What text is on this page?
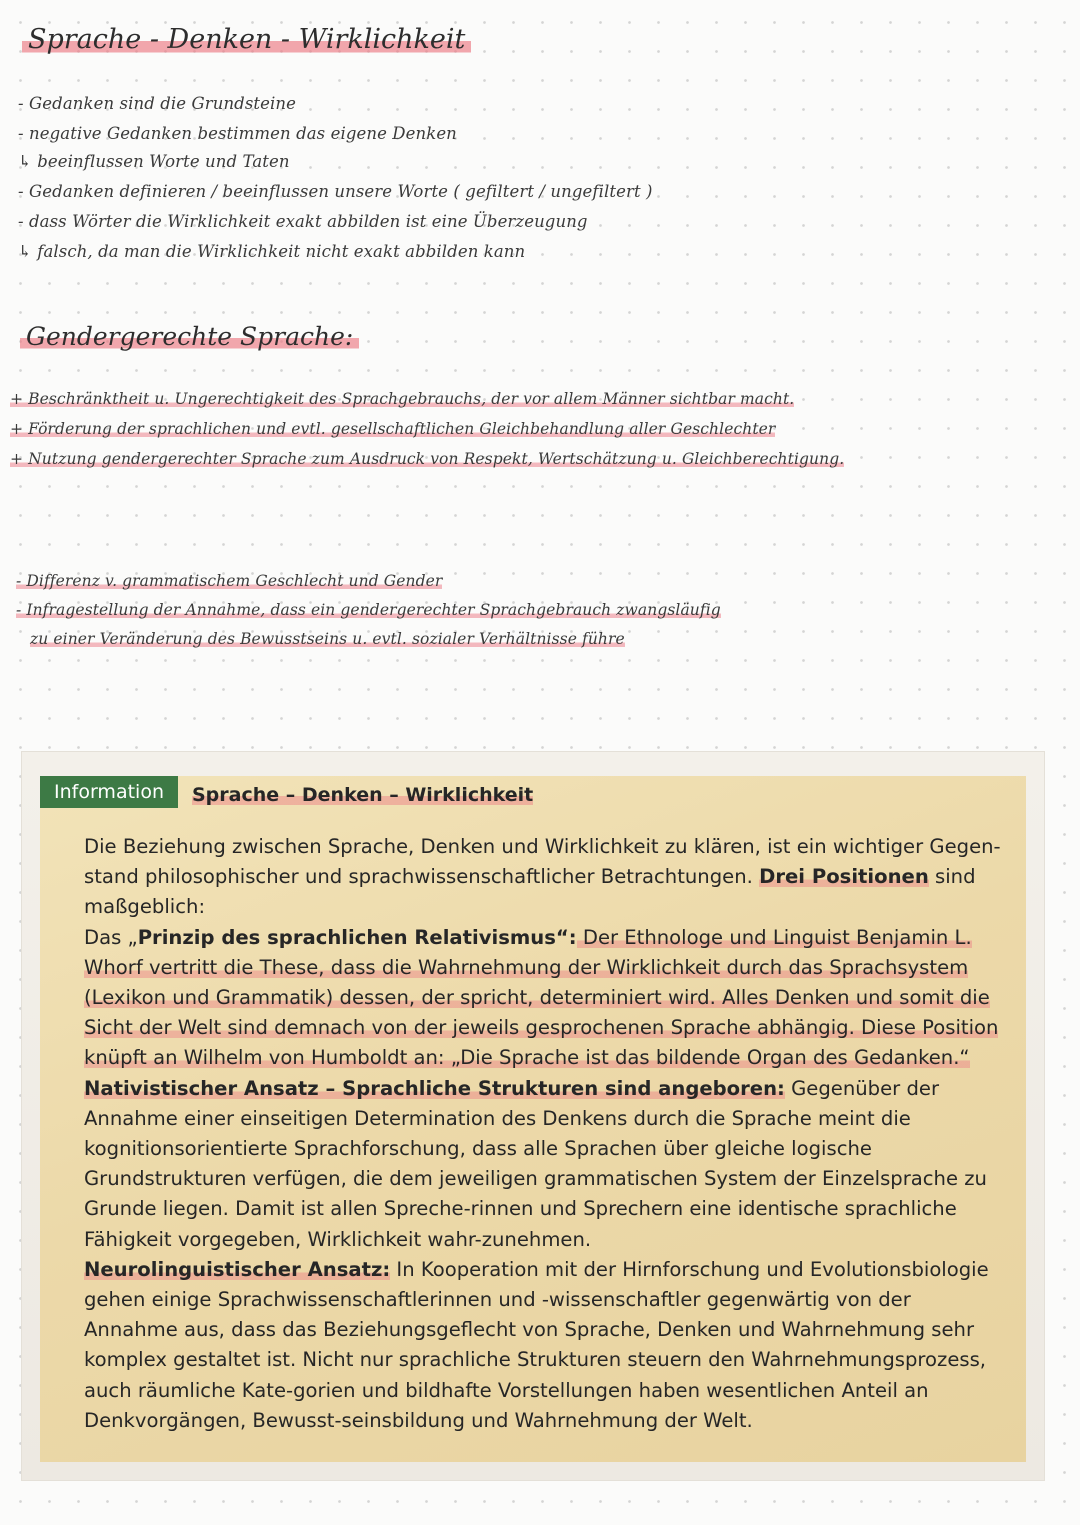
Sprache - Denken - Wirklichkeit
- Gedanken sind die Grundsteine
- negative Gedanken bestimmen das eigene Denken
↳ beeinflussen Worte und Taten
- Gedanken definieren / beeinflussen unsere Worte ( gefiltert / ungefiltert )
- dass Wörter die Wirklichkeit exakt abbilden ist eine Überzeugung
↳ falsch, da man die Wirklichkeit nicht exakt abbilden kann
Gendergerechte Sprache:
+ Beschränktheit u. Ungerechtigkeit des Sprachgebrauchs, der vor allem Männer sichtbar macht.
+ Förderung der sprachlichen und evtl. gesellschaftlichen Gleichbehandlung aller Geschlechter
+ Nutzung gendergerechter Sprache zum Ausdruck von Respekt, Wertschätzung u. Gleichberechtigung.
- Differenz v. grammatischem Geschlecht und Gender
- Infragestellung der Annahme, dass ein gendergerechter Sprachgebrauch zwangsläufig
zu einer Veränderung des Bewusstseins u. evtl. sozialer Verhältnisse führe
Information	Sprache – Denken – Wirklichkeit

Die Beziehung zwischen Sprache, Denken und Wirklichkeit zu klären, ist ein wichtiger Gegen-stand philosophischer und sprachwissenschaftlicher Betrachtungen. Drei Positionen sind maßgeblich:

Das „Prinzip des sprachlichen Relativismus“: Der Ethnologe und Linguist Benjamin L. Whorf vertritt die These, dass die Wahrnehmung der Wirklichkeit durch das Sprachsystem (Lexikon und Grammatik) dessen, der spricht, determiniert wird. Alles Denken und somit die Sicht der Welt sind demnach von der jeweils gesprochenen Sprache abhängig. Diese Position knüpft an Wilhelm von Humboldt an: „Die Sprache ist das bildende Organ des Gedanken.“

Nativistischer Ansatz – Sprachliche Strukturen sind angeboren: Gegenüber der Annahme einer einseitigen Determination des Denkens durch die Sprache meint die kognitionsorientierte Sprachforschung, dass alle Sprachen über gleiche logische Grundstrukturen verfügen, die dem jeweiligen grammatischen System der Einzelsprache zu Grunde liegen. Damit ist allen Spreche-rinnen und Sprechern eine identische sprachliche Fähigkeit vorgegeben, Wirklichkeit wahr-zunehmen.

Neurolinguistischer Ansatz: In Kooperation mit der Hirnforschung und Evolutionsbiologie gehen einige Sprachwissenschaftlerinnen und -wissenschaftler gegenwärtig von der Annahme aus, dass das Beziehungsgeflecht von Sprache, Denken und Wahrnehmung sehr komplex gestaltet ist. Nicht nur sprachliche Strukturen steuern den Wahrnehmungsprozess, auch räumliche Kate-gorien und bildhafte Vorstellungen haben wesentlichen Anteil an Denkvorgängen, Bewusst-seinsbildung und Wahrnehmung der Welt.
